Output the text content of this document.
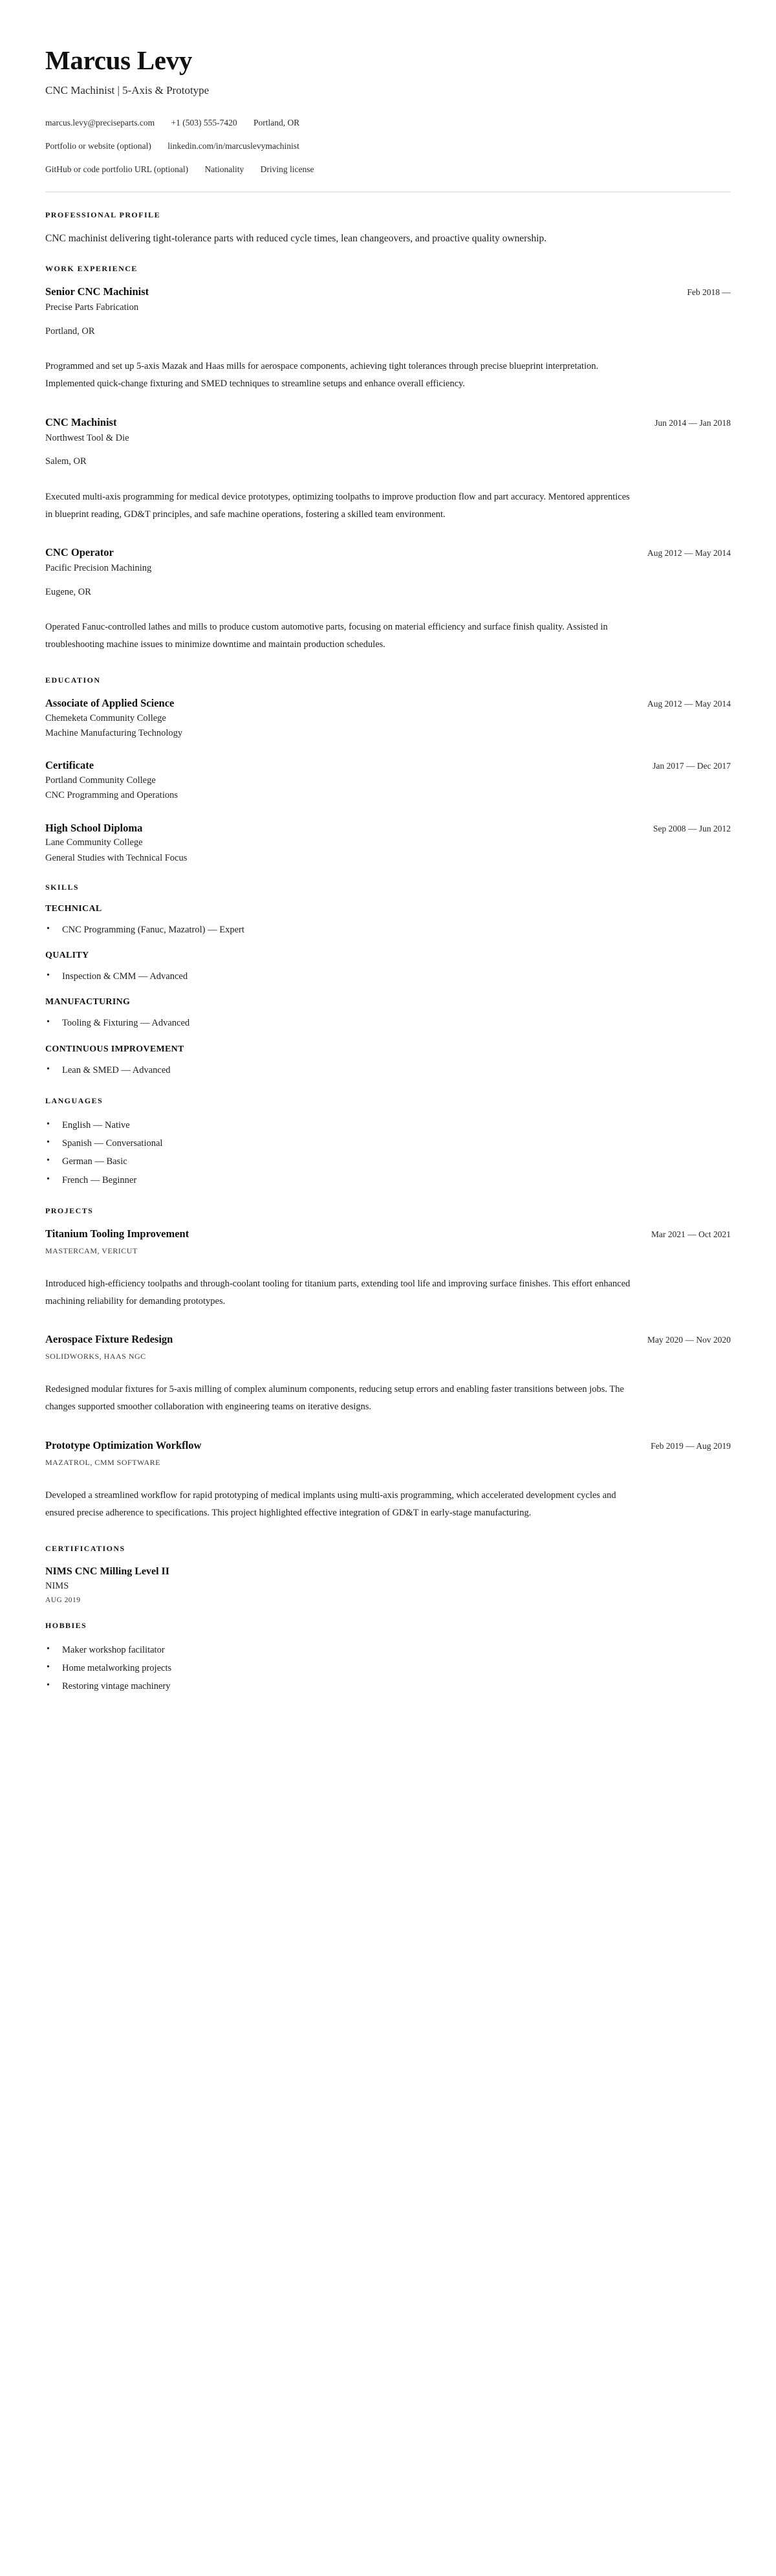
Marcus Levy
CNC Machinist | 5-Axis & Prototype
marcus.levy@preciseparts.com +1 (503) 555-7420 Portland, OR
Portfolio or website (optional) linkedin.com/in/marcuslevymachinist
GitHub or code portfolio URL (optional) Nationality Driving license
PROFESSIONAL PROFILE
CNC machinist delivering tight-tolerance parts with reduced cycle times, lean changeovers, and proactive quality ownership.
WORK EXPERIENCE
Senior CNC Machinist	Feb 2018 —
Precise Parts Fabrication
Portland, OR
Programmed and set up 5-axis Mazak and Haas mills for aerospace components, achieving tight tolerances through precise blueprint interpretation. Implemented quick-change fixturing and SMED techniques to streamline setups and enhance overall efficiency.
CNC Machinist	Jun 2014 — Jan 2018
Northwest Tool & Die
Salem, OR
Executed multi-axis programming for medical device prototypes, optimizing toolpaths to improve production flow and part accuracy. Mentored apprentices in blueprint reading, GD&T principles, and safe machine operations, fostering a skilled team environment.
CNC Operator	Aug 2012 — May 2014
Pacific Precision Machining
Eugene, OR
Operated Fanuc-controlled lathes and mills to produce custom automotive parts, focusing on material efficiency and surface finish quality. Assisted in troubleshooting machine issues to minimize downtime and maintain production schedules.
EDUCATION
Associate of Applied Science	Aug 2012 — May 2014
Chemeketa Community College
Machine Manufacturing Technology
Certificate	Jan 2017 — Dec 2017
Portland Community College
CNC Programming and Operations
High School Diploma	Sep 2008 — Jun 2012
Lane Community College
General Studies with Technical Focus
SKILLS
TECHNICAL
• CNC Programming (Fanuc, Mazatrol) — Expert
QUALITY
• Inspection & CMM — Advanced
MANUFACTURING
• Tooling & Fixturing — Advanced
CONTINUOUS IMPROVEMENT
• Lean & SMED — Advanced
LANGUAGES
• English — Native
• Spanish — Conversational
• German — Basic
• French — Beginner
PROJECTS
Titanium Tooling Improvement	Mar 2021 — Oct 2021
MASTERCAM, VERICUT
Introduced high-efficiency toolpaths and through-coolant tooling for titanium parts, extending tool life and improving surface finishes. This effort enhanced machining reliability for demanding prototypes.
Aerospace Fixture Redesign	May 2020 — Nov 2020
SOLIDWORKS, HAAS NGC
Redesigned modular fixtures for 5-axis milling of complex aluminum components, reducing setup errors and enabling faster transitions between jobs. The changes supported smoother collaboration with engineering teams on iterative designs.
Prototype Optimization Workflow	Feb 2019 — Aug 2019
MAZATROL, CMM SOFTWARE
Developed a streamlined workflow for rapid prototyping of medical implants using multi-axis programming, which accelerated development cycles and ensured precise adherence to specifications. This project highlighted effective integration of GD&T in early-stage manufacturing.
CERTIFICATIONS
NIMS CNC Milling Level II
NIMS
AUG 2019
HOBBIES
• Maker workshop facilitator
• Home metalworking projects
• Restoring vintage machinery
